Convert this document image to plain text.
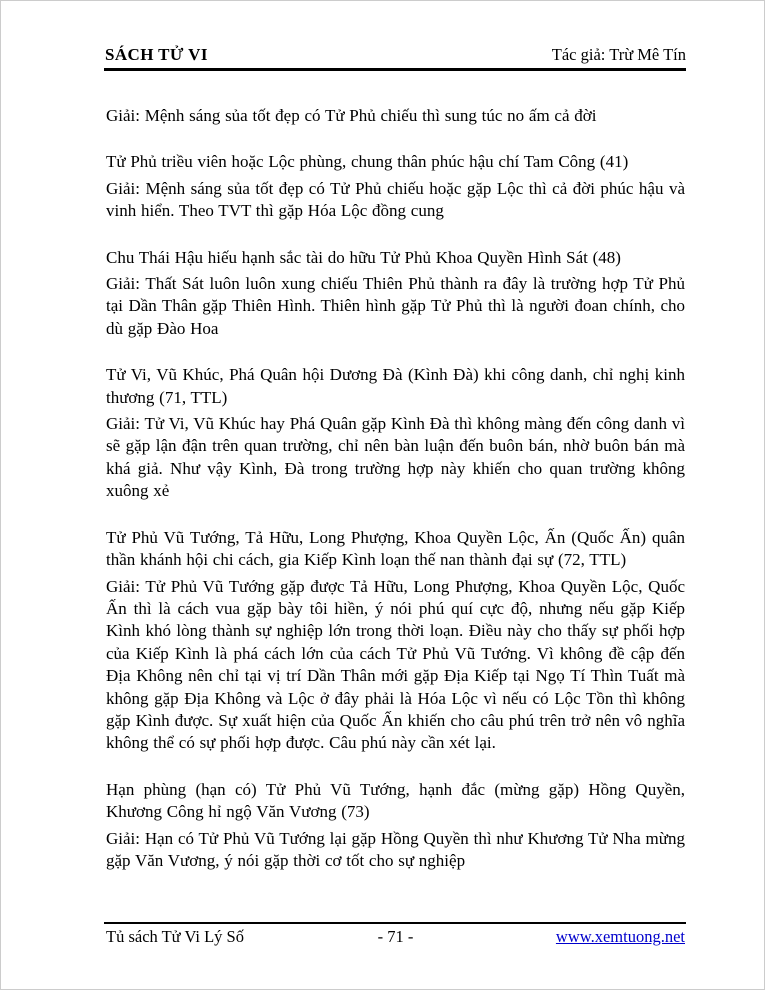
SÁCH TỬ VI	Tác giả: Trừ Mê Tín

Giải: Mệnh sáng sủa tốt đẹp có Tử Phủ chiếu thì sung túc no ấm cả đời

Tử Phủ triều viên hoặc Lộc phùng, chung thân phúc hậu chí Tam Công (41)

Giải: Mệnh sáng sủa tốt đẹp có Tử Phủ chiếu hoặc gặp Lộc thì cả đời phúc hậu và vinh hiển. Theo TVT thì gặp Hóa Lộc đồng cung

Chu Thái Hậu hiếu hạnh sắc tài do hữu Tử Phủ Khoa Quyền Hình Sát (48)

Giải: Thất Sát luôn luôn xung chiếu Thiên Phủ thành ra đây là trường hợp Tử Phủ tại Dần Thân gặp Thiên Hình. Thiên hình gặp Tử Phủ thì là người đoan chính, cho dù gặp Đào Hoa

Tử Vi, Vũ Khúc, Phá Quân hội Dương Đà (Kình Đà) khi công danh, chỉ nghị kinh thương (71, TTL)

Giải: Tử Vi, Vũ Khúc hay Phá Quân gặp Kình Đà thì không màng đến công danh vì sẽ gặp lận đận trên quan trường, chỉ nên bàn luận đến buôn bán, nhờ buôn bán mà khá giả. Như vậy Kình, Đà trong trường hợp này khiến cho quan trường không xuông xẻ

Tử Phủ Vũ Tướng, Tả Hữu, Long Phượng, Khoa Quyền Lộc, Ấn (Quốc Ấn) quân thần khánh hội chi cách, gia Kiếp Kình loạn thế nan thành đại sự (72, TTL)

Giải: Tử Phủ Vũ Tướng gặp được Tả Hữu, Long Phượng, Khoa Quyền Lộc, Quốc Ấn thì là cách vua gặp bày tôi hiền, ý nói phú quí cực độ, nhưng nếu gặp Kiếp Kình khó lòng thành sự nghiệp lớn trong thời loạn. Điều này cho thấy sự phối hợp của Kiếp Kình là phá cách lớn của cách Tử Phủ Vũ Tướng. Vì không đề cập đến Địa Không nên chỉ tại vị trí Dần Thân mới gặp Địa Kiếp tại Ngọ Tí Thìn Tuất mà không gặp Địa Không và Lộc ở đây phải là Hóa Lộc vì nếu có Lộc Tồn thì không gặp Kình được. Sự xuất hiện của Quốc Ấn khiến cho câu phú trên trở nên vô nghĩa không thể có sự phối hợp được. Câu phú này cần xét lại.

Hạn phùng (hạn có) Tử Phủ Vũ Tướng, hạnh đắc (mừng gặp) Hồng Quyền, Khương Công hỉ ngộ Văn Vương (73)

Giải: Hạn có Tử Phủ Vũ Tướng lại gặp Hồng Quyền thì như Khương Tử Nha mừng gặp Văn Vương, ý nói gặp thời cơ tốt cho sự nghiệp

Tủ sách Tử Vi Lý Số	- 71 -	www.xemtuong.net
